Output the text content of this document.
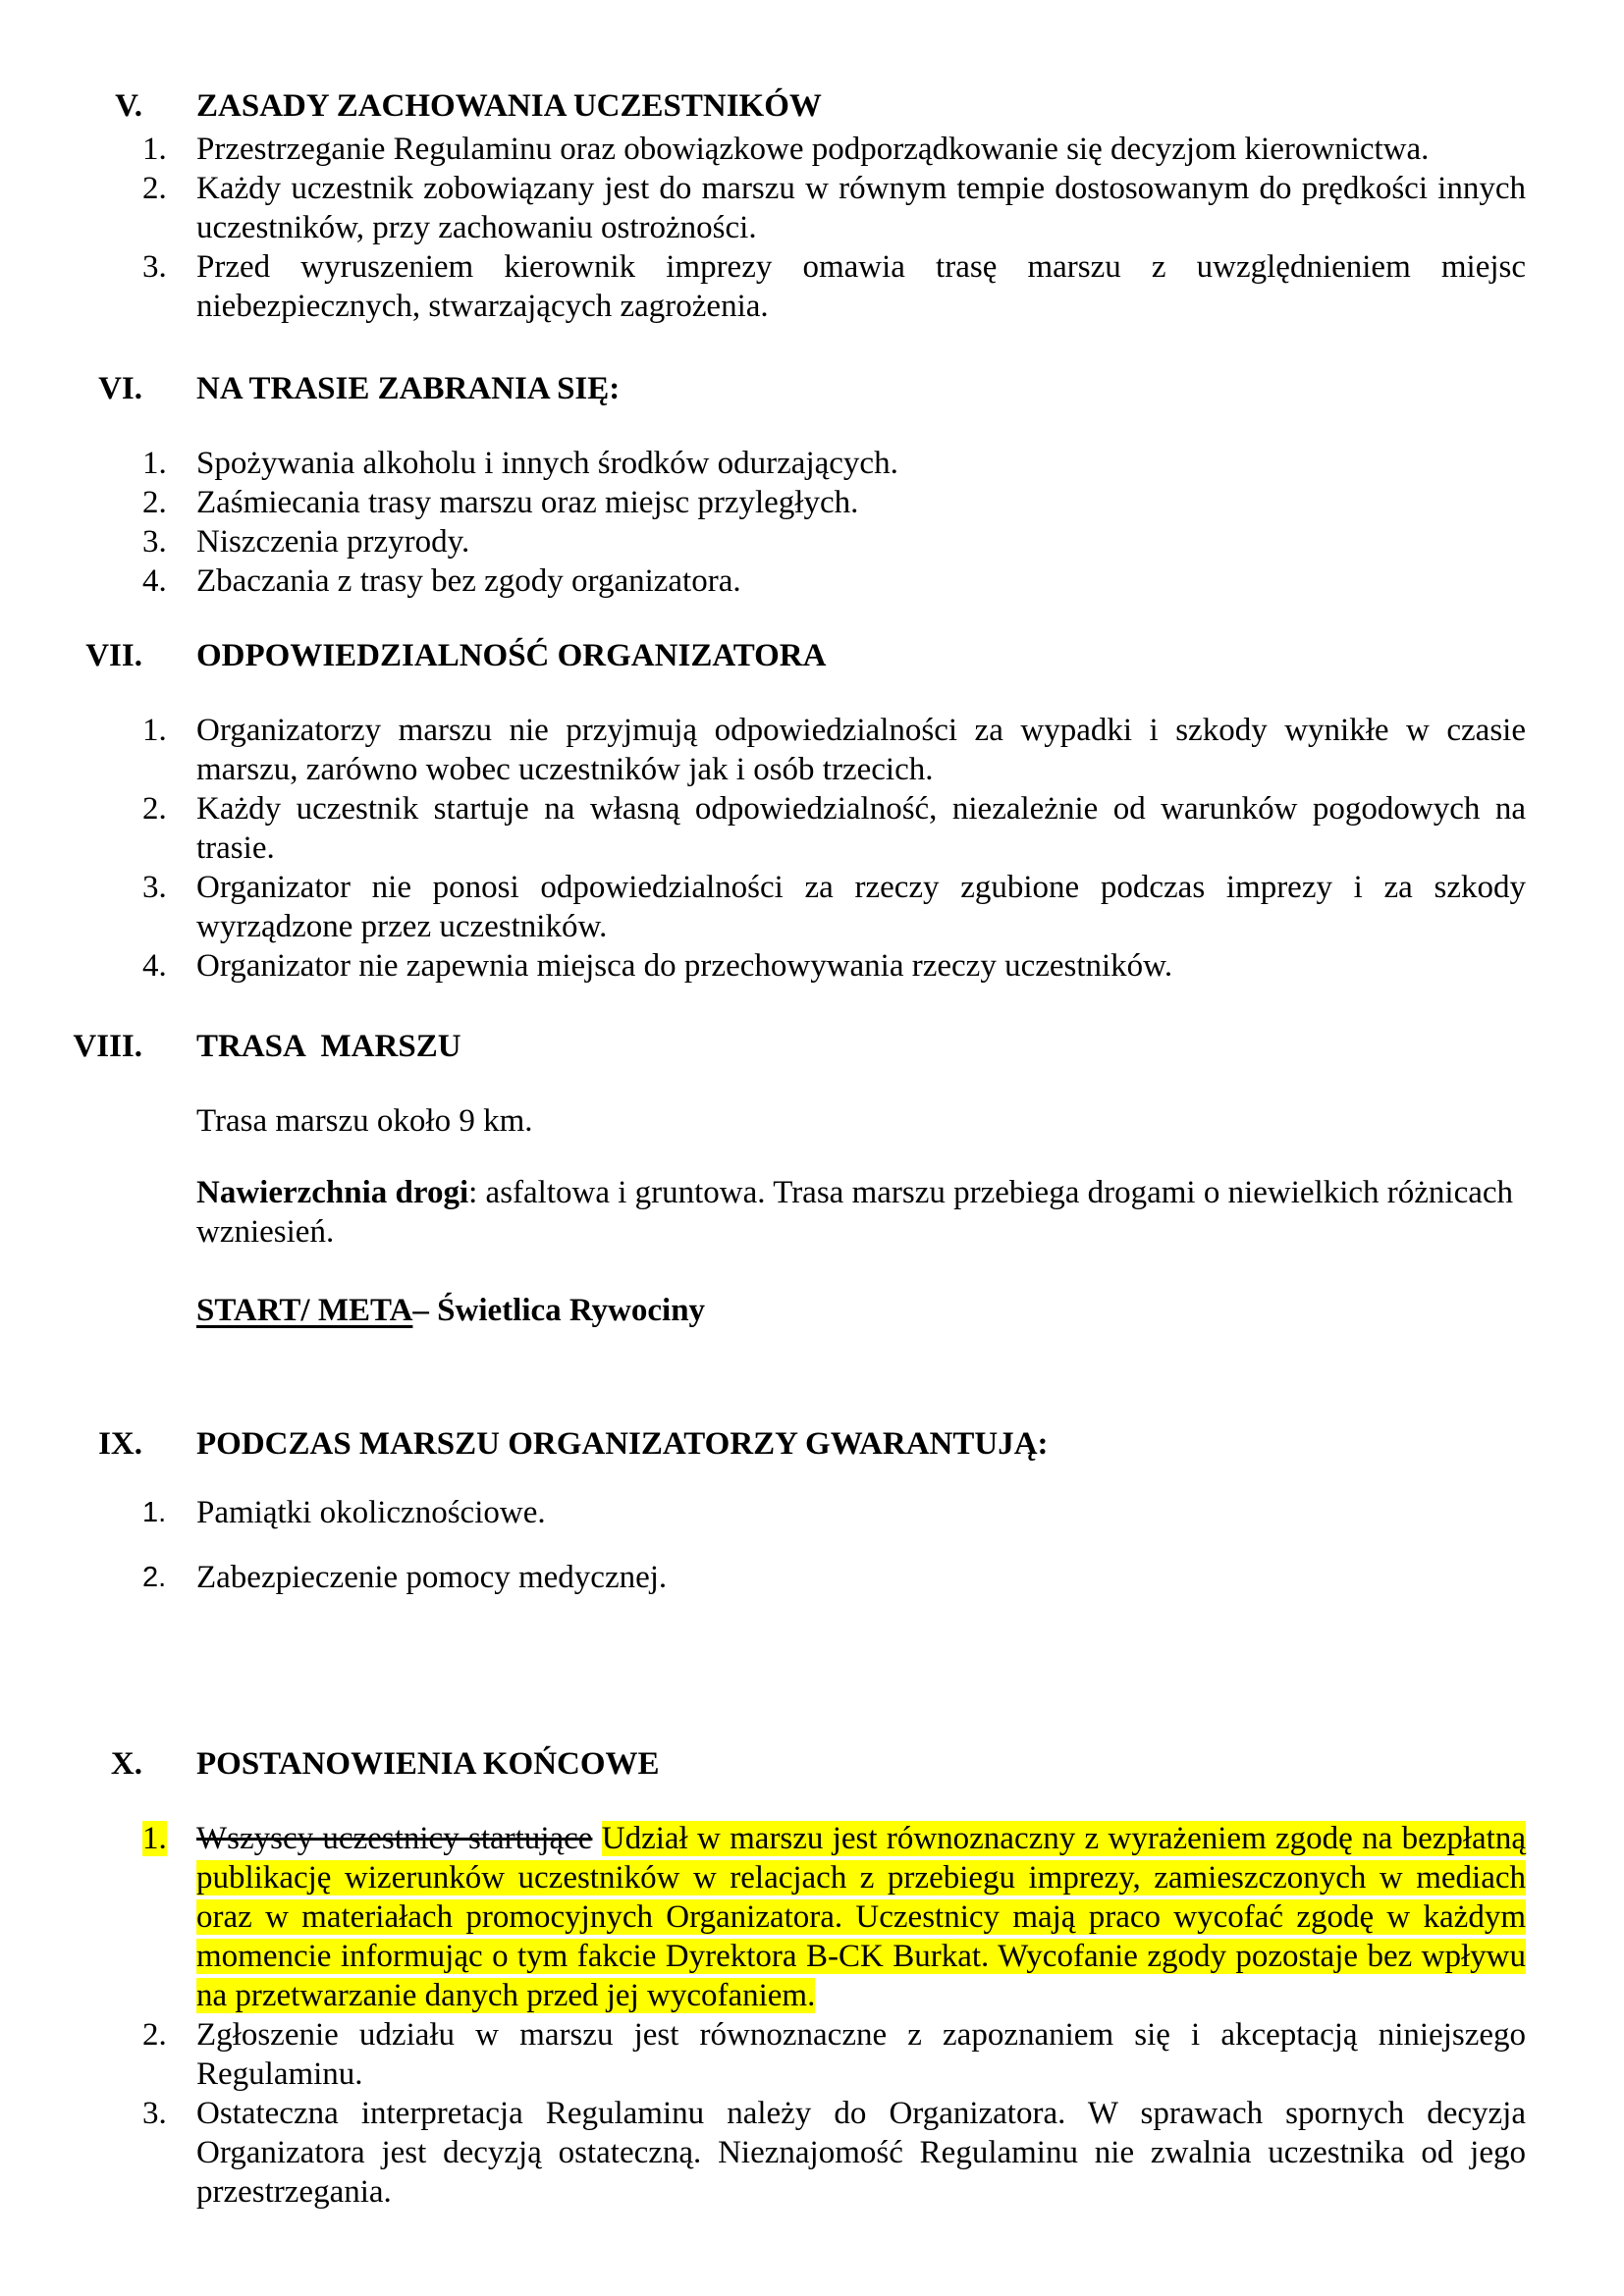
V. ZASADY ZACHOWANIA UCZESTNIKÓW
1. Przestrzeganie Regulaminu oraz obowiązkowe podporządkowanie się decyzjom kierownictwa.
2. Każdy uczestnik zobowiązany jest do marszu w równym tempie dostosowanym do prędkości innych uczestników, przy zachowaniu ostrożności.
3. Przed wyruszeniem kierownik imprezy omawia trasę marszu z uwzględnieniem miejsc niebezpiecznych, stwarzających zagrożenia.
VI. NA TRASIE ZABRANIA SIĘ:
1. Spożywania alkoholu i innych środków odurzających.
2. Zaśmiecania trasy marszu oraz miejsc przyległych.
3. Niszczenia przyrody.
4. Zbaczania z trasy bez zgody organizatora.
VII. ODPOWIEDZIALNOŚĆ ORGANIZATORA
1. Organizatorzy marszu nie przyjmują odpowiedzialności za wypadki i szkody wynikłe w czasie marszu, zarówno wobec uczestników jak i osób trzecich.
2. Każdy uczestnik startuje na własną odpowiedzialność, niezależnie od warunków pogodowych na trasie.
3. Organizator nie ponosi odpowiedzialności za rzeczy zgubione podczas imprezy i za szkody wyrządzone przez uczestników.
4. Organizator nie zapewnia miejsca do przechowywania rzeczy uczestników.
VIII. TRASA  MARSZU

Trasa marszu około 9 km.

Nawierzchnia drogi: asfaltowa i gruntowa. Trasa marszu przebiega drogami o niewielkich różnicach wzniesień.

START/ META– Świetlica Rywociny

IX. PODCZAS MARSZU ORGANIZATORZY GWARANTUJĄ:
1. Pamiątki okolicznościowe.
2. Zabezpieczenie pomocy medycznej.
X. POSTANOWIENIA KOŃCOWE
1. Wszyscy uczestnicy startujące Udział w marszu jest równoznaczny z wyrażeniem zgodę na bezpłatną publikację wizerunków uczestników w relacjach z przebiegu imprezy, zamieszczonych w mediach oraz w materiałach promocyjnych Organizatora. Uczestnicy mają praco wycofać zgodę w każdym momencie informując o tym fakcie Dyrektora B-CK Burkat. Wycofanie zgody pozostaje bez wpływu na przetwarzanie danych przed jej wycofaniem.
2. Zgłoszenie udziału w marszu jest równoznaczne z zapoznaniem się i akceptacją niniejszego Regulaminu.
3. Ostateczna interpretacja Regulaminu należy do Organizatora. W sprawach spornych decyzja Organizatora jest decyzją ostateczną. Nieznajomość Regulaminu nie zwalnia uczestnika od jego przestrzegania.
